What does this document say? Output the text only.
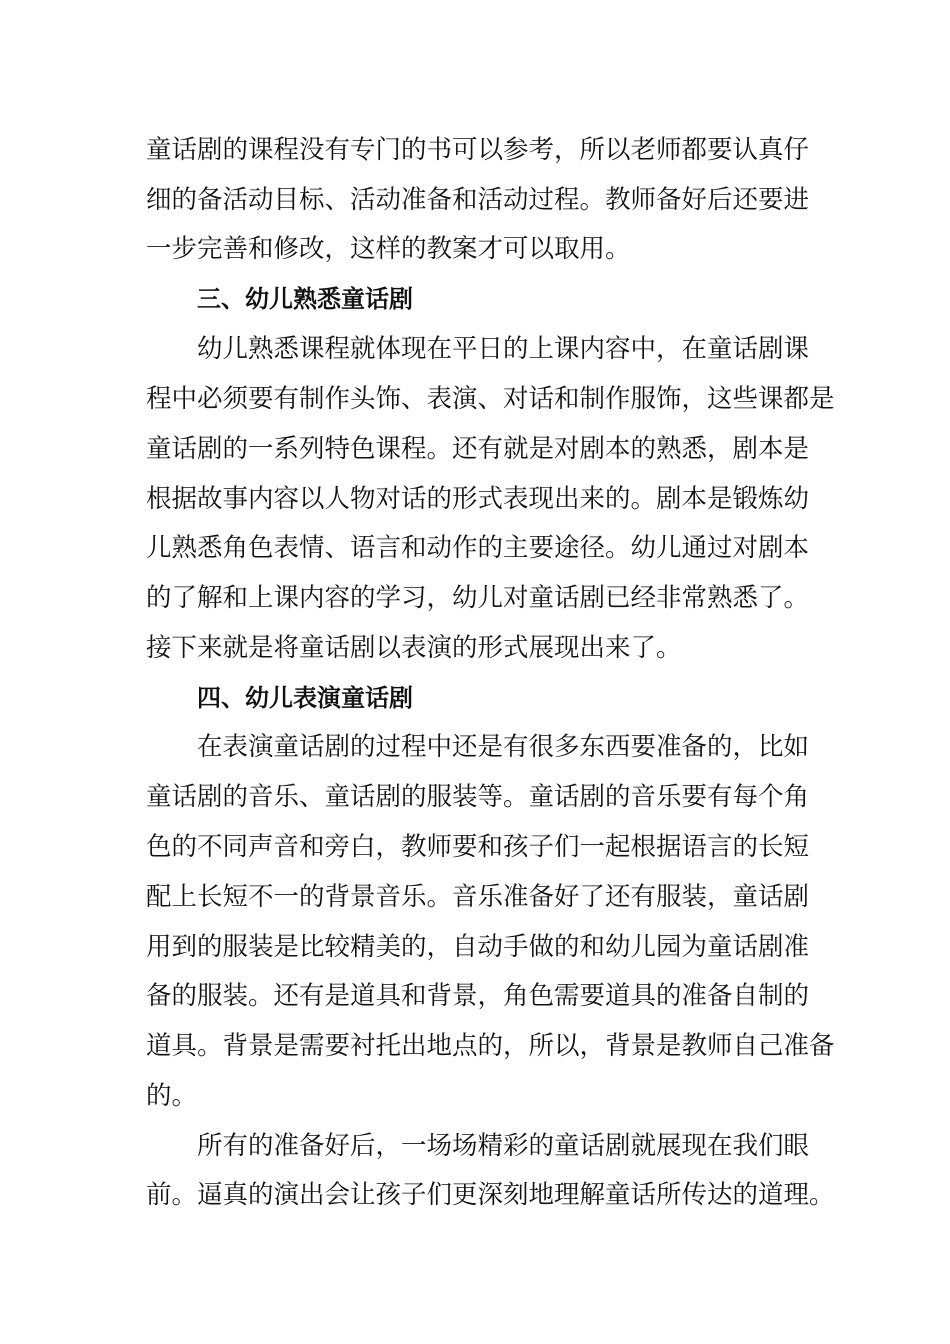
童话剧的课程没有专门的书可以参考，所以老师都要认真仔
细的备活动目标、活动准备和活动过程。教师备好后还要进
一步完善和修改，这样的教案才可以取用。
三、幼儿熟悉童话剧
幼儿熟悉课程就体现在平日的上课内容中，在童话剧课
程中必须要有制作头饰、表演、对话和制作服饰，这些课都是
童话剧的一系列特色课程。还有就是对剧本的熟悉，剧本是
根据故事内容以人物对话的形式表现出来的。剧本是锻炼幼
儿熟悉角色表情、语言和动作的主要途径。幼儿通过对剧本
的了解和上课内容的学习，幼儿对童话剧已经非常熟悉了。
接下来就是将童话剧以表演的形式展现出来了。
四、幼儿表演童话剧
在表演童话剧的过程中还是有很多东西要准备的，比如
童话剧的音乐、童话剧的服装等。童话剧的音乐要有每个角
色的不同声音和旁白，教师要和孩子们一起根据语言的长短
配上长短不一的背景音乐。音乐准备好了还有服装，童话剧
用到的服装是比较精美的，自动手做的和幼儿园为童话剧准
备的服装。还有是道具和背景，角色需要道具的准备自制的
道具。背景是需要衬托出地点的，所以，背景是教师自己准备
的。
所有的准备好后，一场场精彩的童话剧就展现在我们眼
前。逼真的演出会让孩子们更深刻地理解童话所传达的道理。
